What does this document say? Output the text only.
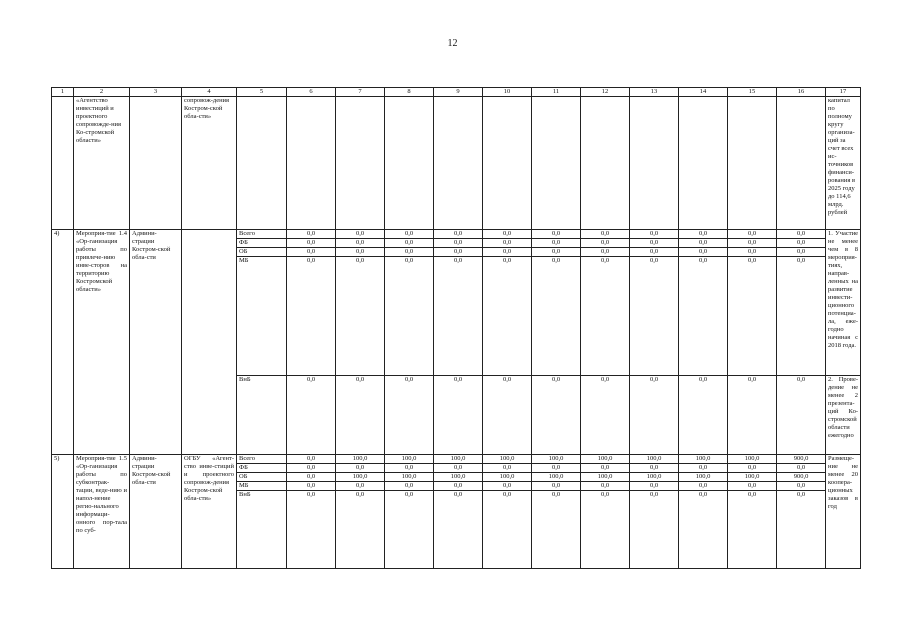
12
1	2	3	4	5	6	7	8	9	10	11	12	13	14	15	16	17
	«Агентство инвестиций и проектного сопровожде-ния Ко-стромской области»		сопровож-дения Костром-ской обла-сти»													капитал по полному кругу организа-ций за счет всех ис-точников финанси-рования в 2025 году до 114,6 млрд. рублей
4)	Мероприя-тие 1.4 «Ор-ганизация работы по привлече-нию инве-сторов на территорию Костромской области»	Админи-страции Костром-ской обла-сти		Всего	0,0	0,0	0,0	0,0	0,0	0,0	0,0	0,0	0,0	0,0	0,0	1. Участие не менее чем в 8 мероприя-тиях, направ-ленных на развитие инвести-ционного потенциа-ла, еже-годно начиная с 2018 года.
				ФБ	0,0	0,0	0,0	0,0	0,0	0,0	0,0	0,0	0,0	0,0	0,0	
				ОБ	0,0	0,0	0,0	0,0	0,0	0,0	0,0	0,0	0,0	0,0	0,0	
				МБ	0,0	0,0	0,0	0,0	0,0	0,0	0,0	0,0	0,0	0,0	0,0	
				ВнБ	0,0	0,0	0,0	0,0	0,0	0,0	0,0	0,0	0,0	0,0	0,0	2. Прове-дение не менее 2 презента-ций Ко-стромской области ежегодно
5)	Мероприя-тие 1.5 «Ор-ганизация работы по субконтрак-тации, веде-нию и напол-нение регио-нального информаци-онного пор-тала по суб-	Админи-страции Костром-ской обла-сти	ОГБУ «Агент-ство инве-стиций и проектного сопровож-дения Костром-ской обла-сти»	Всего	0,0	100,0	100,0	100,0	100,0	100,0	100,0	100,0	100,0	100,0	900,0	Размеще-ние не менее 20 коопера-ционных заказов в год
				ФБ	0,0	0,0	0,0	0,0	0,0	0,0	0,0	0,0	0,0	0,0	0,0	
				ОБ	0,0	100,0	100,0	100,0	100,0	100,0	100,0	100,0	100,0	100,0	900,0	
				МБ	0,0	0,0	0,0	0,0	0,0	0,0	0,0	0,0	0,0	0,0	0,0	
				ВнБ	0,0	0,0	0,0	0,0	0,0	0,0	0,0	0,0	0,0	0,0	0,0	
